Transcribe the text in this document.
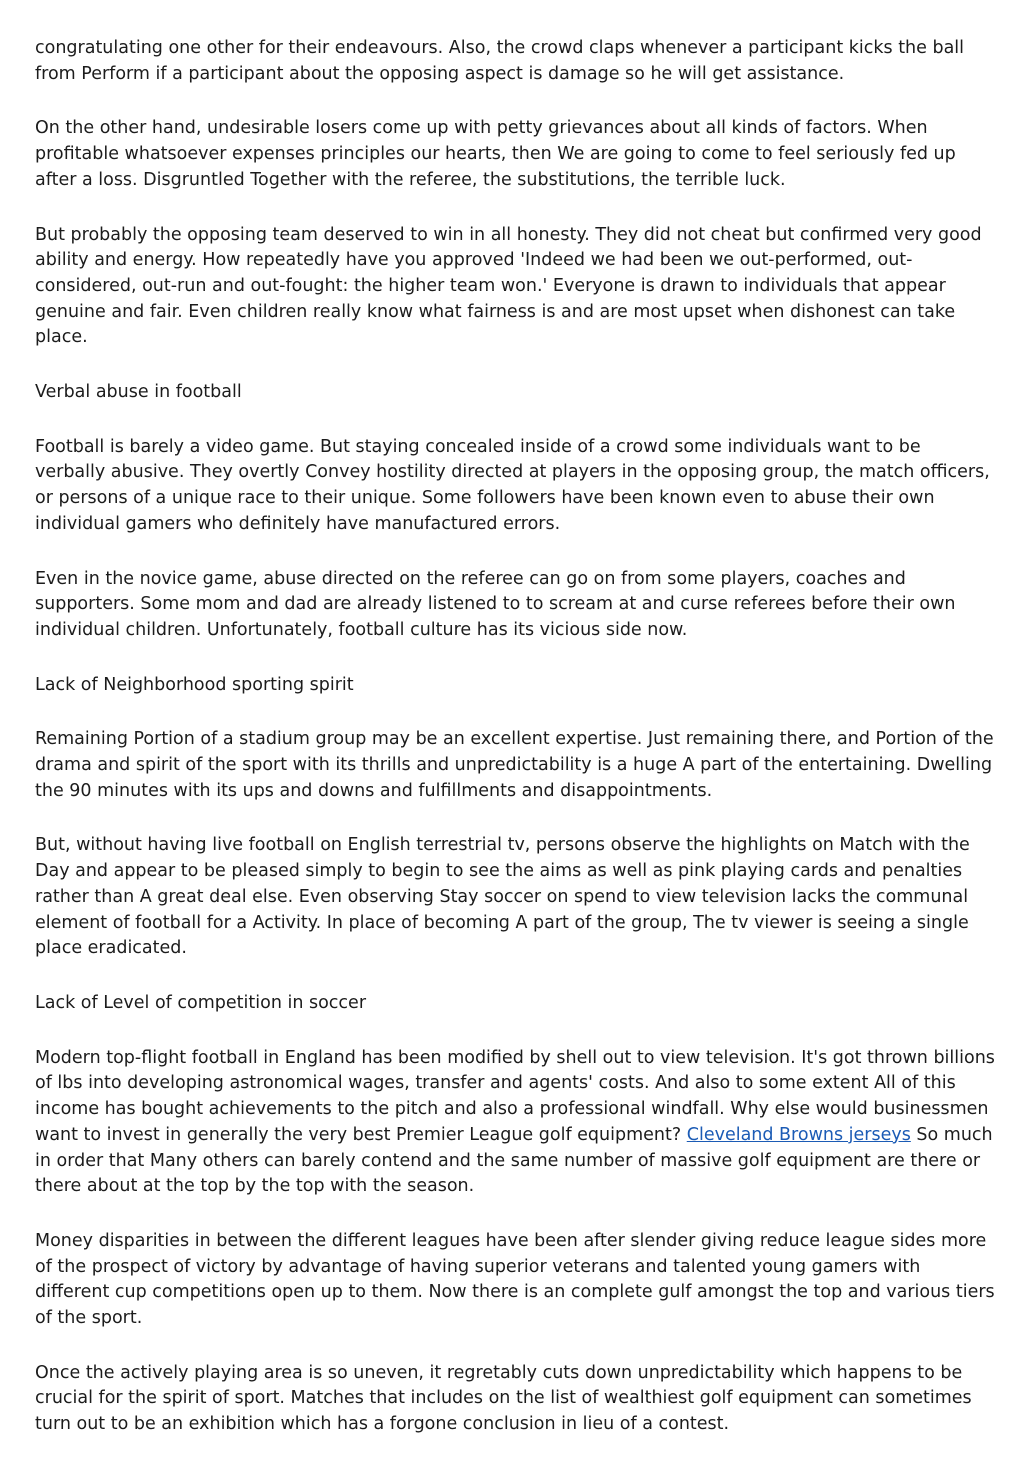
congratulating one other for their endeavours. Also, the crowd claps whenever a participant kicks the ball from Perform if a participant about the opposing aspect is damage so he will get assistance.

On the other hand, undesirable losers come up with petty grievances about all kinds of factors. When profitable whatsoever expenses principles our hearts, then We are going to come to feel seriously fed up after a loss. Disgruntled Together with the referee, the substitutions, the terrible luck.

But probably the opposing team deserved to win in all honesty. They did not cheat but confirmed very good ability and energy. How repeatedly have you approved 'Indeed we had been we out-performed, out-considered, out-run and out-fought: the higher team won.' Everyone is drawn to individuals that appear genuine and fair. Even children really know what fairness is and are most upset when dishonest can take place.

Verbal abuse in football

Football is barely a video game. But staying concealed inside of a crowd some individuals want to be verbally abusive. They overtly Convey hostility directed at players in the opposing group, the match officers, or persons of a unique race to their unique. Some followers have been known even to abuse their own individual gamers who definitely have manufactured errors.

Even in the novice game, abuse directed on the referee can go on from some players, coaches and supporters. Some mom and dad are already listened to to scream at and curse referees before their own individual children. Unfortunately, football culture has its vicious side now.

Lack of Neighborhood sporting spirit

Remaining Portion of a stadium group may be an excellent expertise. Just remaining there, and Portion of the drama and spirit of the sport with its thrills and unpredictability is a huge A part of the entertaining. Dwelling the 90 minutes with its ups and downs and fulfillments and disappointments.

But, without having live football on English terrestrial tv, persons observe the highlights on Match with the Day and appear to be pleased simply to begin to see the aims as well as pink playing cards and penalties rather than A great deal else. Even observing Stay soccer on spend to view television lacks the communal element of football for a Activity. In place of becoming A part of the group, The tv viewer is seeing a single place eradicated.

Lack of Level of competition in soccer

Modern top-flight football in England has been modified by shell out to view television. It's got thrown billions of lbs into developing astronomical wages, transfer and agents' costs. And also to some extent All of this income has bought achievements to the pitch and also a professional windfall. Why else would businessmen want to invest in generally the very best Premier League golf equipment? Cleveland Browns jerseys So much in order that Many others can barely contend and the same number of massive golf equipment are there or there about at the top by the top with the season.

Money disparities in between the different leagues have been after slender giving reduce league sides more of the prospect of victory by advantage of having superior veterans and talented young gamers with different cup competitions open up to them. Now there is an complete gulf amongst the top and various tiers of the sport.

Once the actively playing area is so uneven, it regretably cuts down unpredictability which happens to be crucial for the spirit of sport. Matches that includes on the list of wealthiest golf equipment can sometimes turn out to be an exhibition which has a forgone conclusion in lieu of a contest.
